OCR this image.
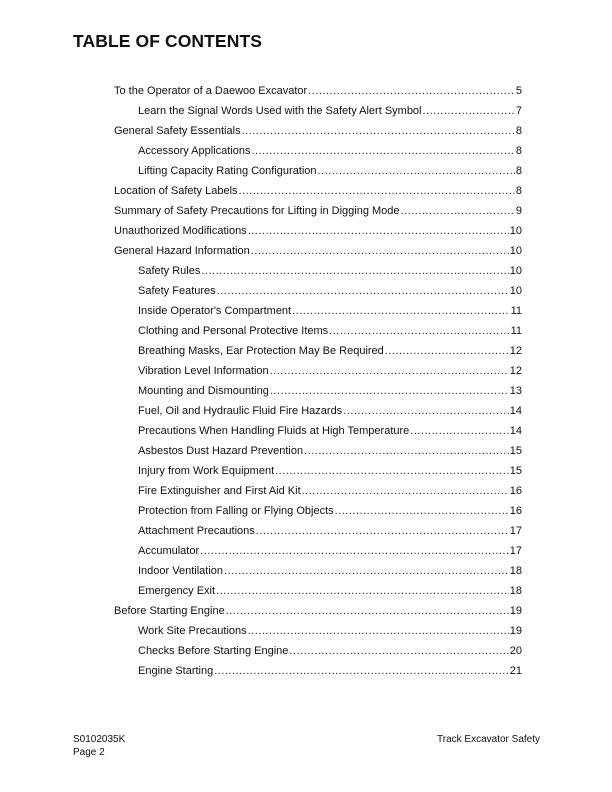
TABLE OF CONTENTS
To the Operator of a Daewoo Excavator .....	5
Learn the Signal Words Used with the Safety Alert Symbol .....	7
General Safety Essentials .....	8
Accessory Applications .....	8
Lifting Capacity Rating Configuration .....	8
Location of Safety Labels .....	8
Summary of Safety Precautions for Lifting in Digging Mode .....	9
Unauthorized Modifications .....	10
General Hazard Information .....	10
Safety Rules .....	10
Safety Features .....	10
Inside Operator's Compartment .....	11
Clothing and Personal Protective Items .....	11
Breathing Masks, Ear Protection May Be Required .....	12
Vibration Level Information .....	12
Mounting and Dismounting .....	13
Fuel, Oil and Hydraulic Fluid Fire Hazards .....	14
Precautions When Handling Fluids at High Temperature .....	14
Asbestos Dust Hazard Prevention .....	15
Injury from Work Equipment .....	15
Fire Extinguisher and First Aid Kit .....	16
Protection from Falling or Flying Objects .....	16
Attachment Precautions .....	17
Accumulator .....	17
Indoor Ventilation .....	18
Emergency Exit .....	18
Before Starting Engine .....	19
Work Site Precautions .....	19
Checks Before Starting Engine .....	20
Engine Starting .....	21
S0102035K
Page 2
Track Excavator Safety
